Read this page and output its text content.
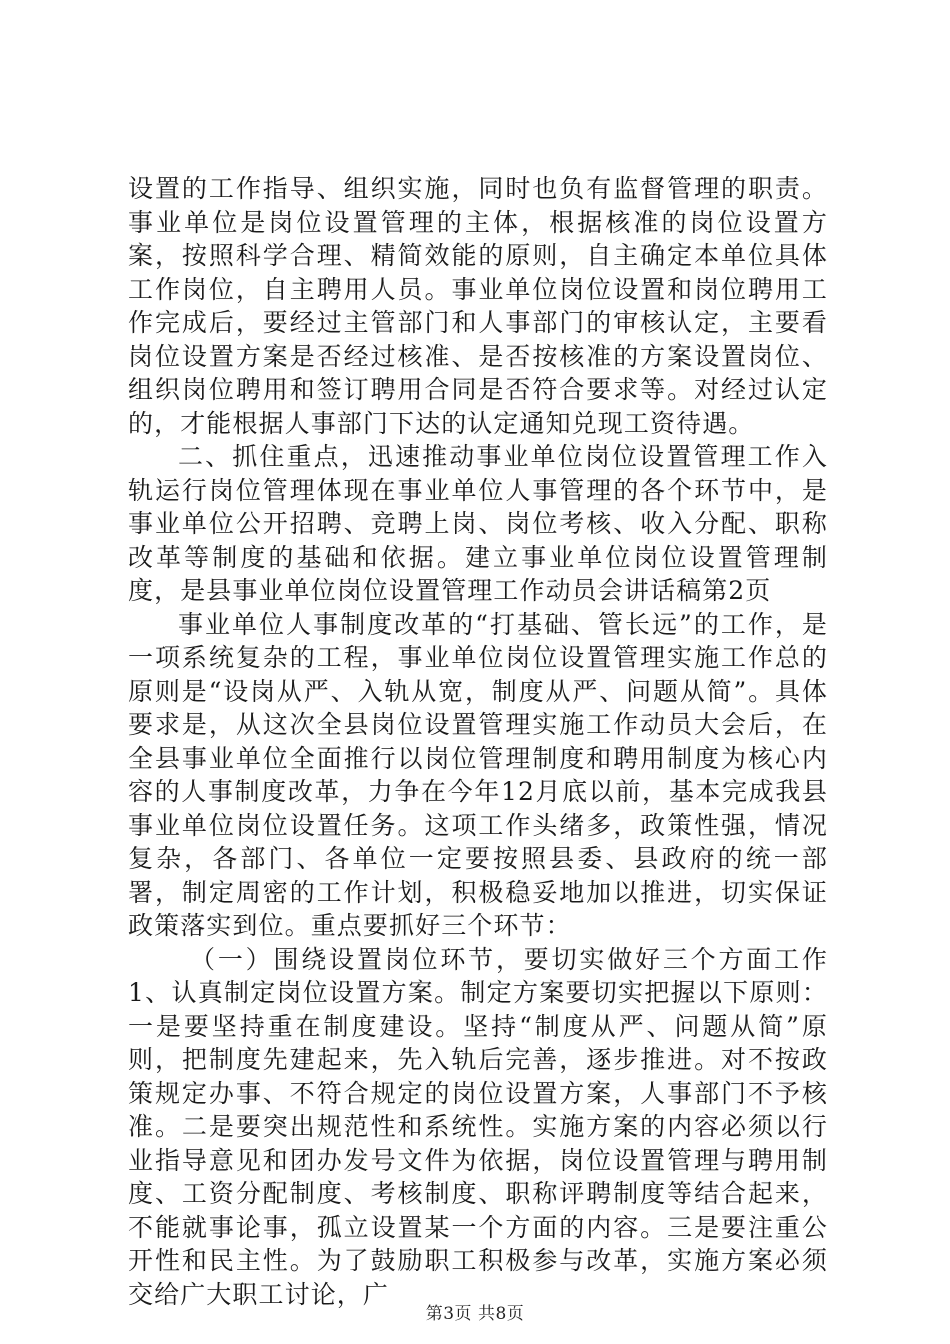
设置的工作指导、组织实施，同时也负有监督管理的职责。事业单位是岗位设置管理的主体，根据核准的岗位设置方案，按照科学合理、精简效能的原则，自主确定本单位具体工作岗位，自主聘用人员。事业单位岗位设置和岗位聘用工作完成后，要经过主管部门和人事部门的审核认定，主要看岗位设置方案是否经过核准、是否按核准的方案设置岗位、组织岗位聘用和签订聘用合同是否符合要求等。对经过认定的，才能根据人事部门下达的认定通知兑现工资待遇。

二、抓住重点，迅速推动事业单位岗位设置管理工作入轨运行岗位管理体现在事业单位人事管理的各个环节中，是事业单位公开招聘、竞聘上岗、岗位考核、收入分配、职称改革等制度的基础和依据。建立事业单位岗位设置管理制度，是县事业单位岗位设置管理工作动员会讲话稿第2页

事业单位人事制度改革的“打基础、管长远”的工作，是一项系统复杂的工程，事业单位岗位设置管理实施工作总的原则是“设岗从严、入轨从宽，制度从严、问题从简”。具体要求是，从这次全县岗位设置管理实施工作动员大会后，在全县事业单位全面推行以岗位管理制度和聘用制度为核心内容的人事制度改革，力争在今年12月底以前，基本完成我县事业单位岗位设置任务。这项工作头绪多，政策性强，情况复杂，各部门、各单位一定要按照县委、县政府的统一部署，制定周密的工作计划，积极稳妥地加以推进，切实保证政策落实到位。重点要抓好三个环节：

（一）围绕设置岗位环节，要切实做好三个方面工作1、认真制定岗位设置方案。制定方案要切实把握以下原则：一是要坚持重在制度建设。坚持“制度从严、问题从简”原则，把制度先建起来，先入轨后完善，逐步推进。对不按政策规定办事、不符合规定的岗位设置方案，人事部门不予核准。二是要突出规范性和系统性。实施方案的内容必须以行业指导意见和团办发号文件为依据，岗位设置管理与聘用制度、工资分配制度、考核制度、职称评聘制度等结合起来，不能就事论事，孤立设置某一个方面的内容。三是要注重公开性和民主性。为了鼓励职工积极参与改革，实施方案必须交给广大职工讨论，广

第3页 共8页
